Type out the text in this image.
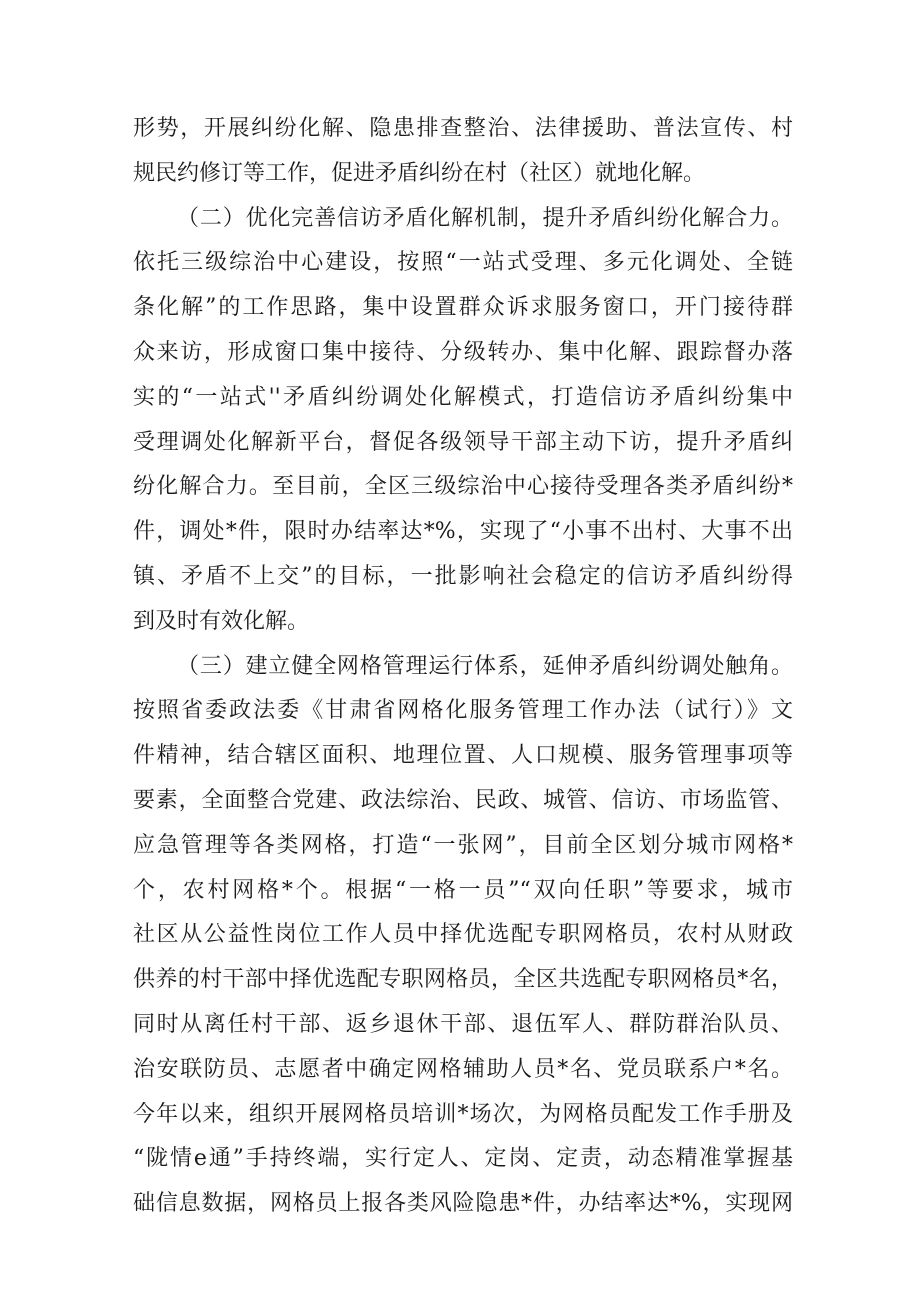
形势，开展纠纷化解、隐患排查整治、法律援助、普法宣传、村
规民约修订等工作，促进矛盾纠纷在村（社区）就地化解。
（二）优化完善信访矛盾化解机制，提升矛盾纠纷化解合力。
依托三级综治中心建设，按照“一站式受理、多元化调处、全链
条化解”的工作思路，集中设置群众诉求服务窗口，开门接待群
众来访，形成窗口集中接待、分级转办、集中化解、跟踪督办落
实的“一站式''矛盾纠纷调处化解模式，打造信访矛盾纠纷集中
受理调处化解新平台，督促各级领导干部主动下访，提升矛盾纠
纷化解合力。至目前，全区三级综治中心接待受理各类矛盾纠纷*
件，调处*件，限时办结率达*%，实现了“小事不出村、大事不出
镇、矛盾不上交”的目标，一批影响社会稳定的信访矛盾纠纷得
到及时有效化解。
（三）建立健全网格管理运行体系，延伸矛盾纠纷调处触角。
按照省委政法委《甘肃省网格化服务管理工作办法（试行）》文
件精神，结合辖区面积、地理位置、人口规模、服务管理事项等
要素，全面整合党建、政法综治、民政、城管、信访、市场监管、
应急管理等各类网格，打造“一张网”，目前全区划分城市网格*
个，农村网格*个。根据“一格一员”“双向任职”等要求，城市
社区从公益性岗位工作人员中择优选配专职网格员，农村从财政
供养的村干部中择优选配专职网格员，全区共选配专职网格员*名，
同时从离任村干部、返乡退休干部、退伍军人、群防群治队员、
治安联防员、志愿者中确定网格辅助人员*名、党员联系户*名。
今年以来，组织开展网格员培训*场次，为网格员配发工作手册及
“陇情e通”手持终端，实行定人、定岗、定责，动态精准掌握基
础信息数据，网格员上报各类风险隐患*件，办结率达*%，实现网
